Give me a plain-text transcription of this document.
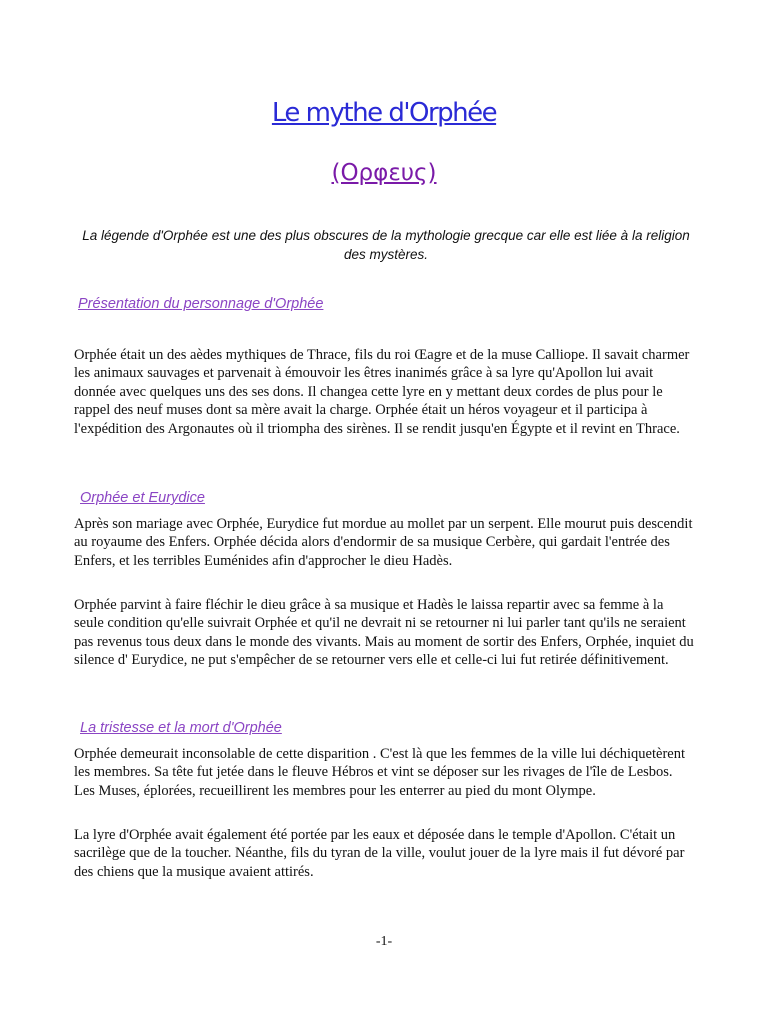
Le mythe d'Orphée
(Ορφευς)
La légende d'Orphée est une des plus obscures de la mythologie grecque car elle est liée à la religion des mystères.
Présentation du personnage d'Orphée

Orphée était un des aèdes mythiques de Thrace, fils du roi Œagre et de la muse Calliope. Il savait charmer les animaux sauvages et parvenait à émouvoir les êtres inanimés grâce à sa lyre qu'Apollon lui avait donnée avec quelques uns des ses dons. Il changea cette lyre en y mettant deux cordes de plus pour le rappel des neuf muses dont sa mère avait la charge. Orphée était un héros voyageur et il participa à l'expédition des Argonautes où il triompha des sirènes. Il se rendit jusqu'en Égypte et il revint en Thrace.

Orphée et Eurydice

Après son mariage avec Orphée, Eurydice fut mordue au mollet par un serpent. Elle mourut puis descendit au royaume des Enfers. Orphée décida alors d'endormir de sa musique Cerbère, qui gardait l'entrée des Enfers, et les terribles Euménides afin d'approcher le dieu Hadès.

Orphée parvint à faire fléchir le dieu grâce à sa musique et Hadès le laissa repartir avec sa femme à la seule condition qu'elle suivrait Orphée et qu'il ne devrait ni se retourner ni lui parler tant qu'ils ne seraient pas revenus tous deux dans le monde des vivants. Mais au moment de sortir des Enfers, Orphée, inquiet du silence d' Eurydice, ne put s'empêcher de se retourner vers elle et celle-ci lui fut retirée définitivement.

La tristesse et la mort d'Orphée

Orphée demeurait inconsolable de cette disparition . C'est là que les femmes de la ville lui déchiquetèrent les membres. Sa tête fut jetée dans le fleuve Hébros et vint se déposer sur les rivages de l'île de Lesbos. Les Muses, éplorées, recueillirent les membres pour les enterrer au pied du mont Olympe.

La lyre d'Orphée avait également été portée par les eaux et déposée dans le temple d'Apollon. C'était un sacrilège que de la toucher. Néanthe, fils du tyran de la ville, voulut jouer de la lyre mais il fut dévoré par des chiens que la musique avaient attirés.

-1-
